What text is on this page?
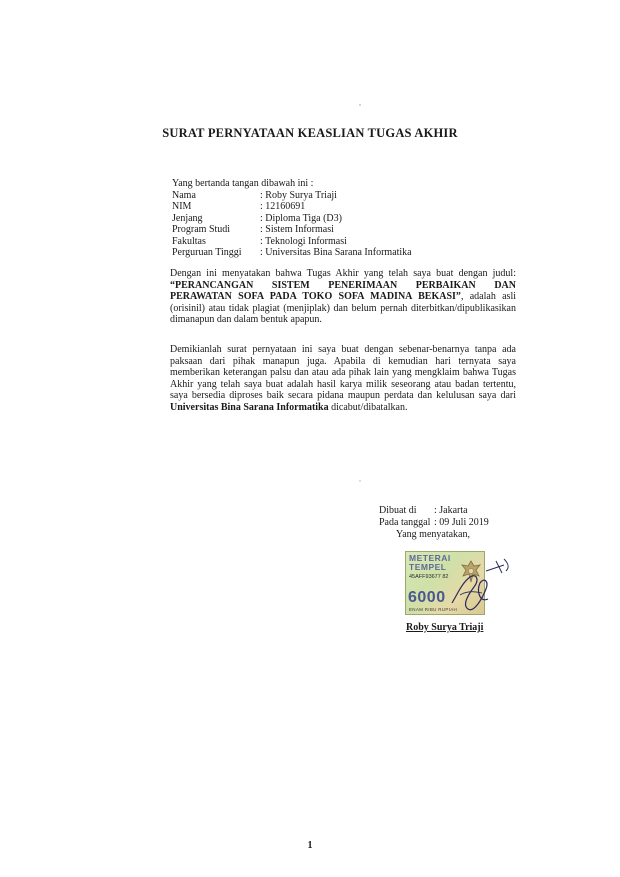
SURAT PERNYATAAN KEASLIAN TUGAS AKHIR
Yang bertanda tangan dibawah ini :
Nama	: Roby Surya Triaji
NIM	: 12160691
Jenjang	: Diploma Tiga (D3)
Program Studi	: Sistem Informasi
Fakultas	: Teknologi Informasi
Perguruan Tinggi	: Universitas Bina Sarana Informatika
Dengan ini menyatakan bahwa Tugas Akhir yang telah saya buat dengan judul: “PERANCANGAN SISTEM PENERIMAAN PERBAIKAN DAN PERAWATAN SOFA PADA TOKO SOFA MADINA BEKASI”, adalah asli (orisinil) atau tidak plagiat (menjiplak) dan belum pernah diterbitkan/dipublikasikan dimanapun dan dalam bentuk apapun.
Demikianlah surat pernyataan ini saya buat dengan sebenar-benarnya tanpa ada paksaan dari pihak manapun juga. Apabila di kemudian hari ternyata saya memberikan keterangan palsu dan atau ada pihak lain yang mengklaim bahwa Tugas Akhir yang telah saya buat adalah hasil karya milik seseorang atau badan tertentu, saya bersedia diproses baik secara pidana maupun perdata dan kelulusan saya dari Universitas Bina Sarana Informatika dicabut/dibatalkan.
Dibuat di	: Jakarta
Pada tanggal : 09 Juli 2019
Yang menyatakan,
METERAI TEMPEL
45AFF93677 82
6000
ENAM RIBU RUPIAH
Roby Surya Triaji
1
